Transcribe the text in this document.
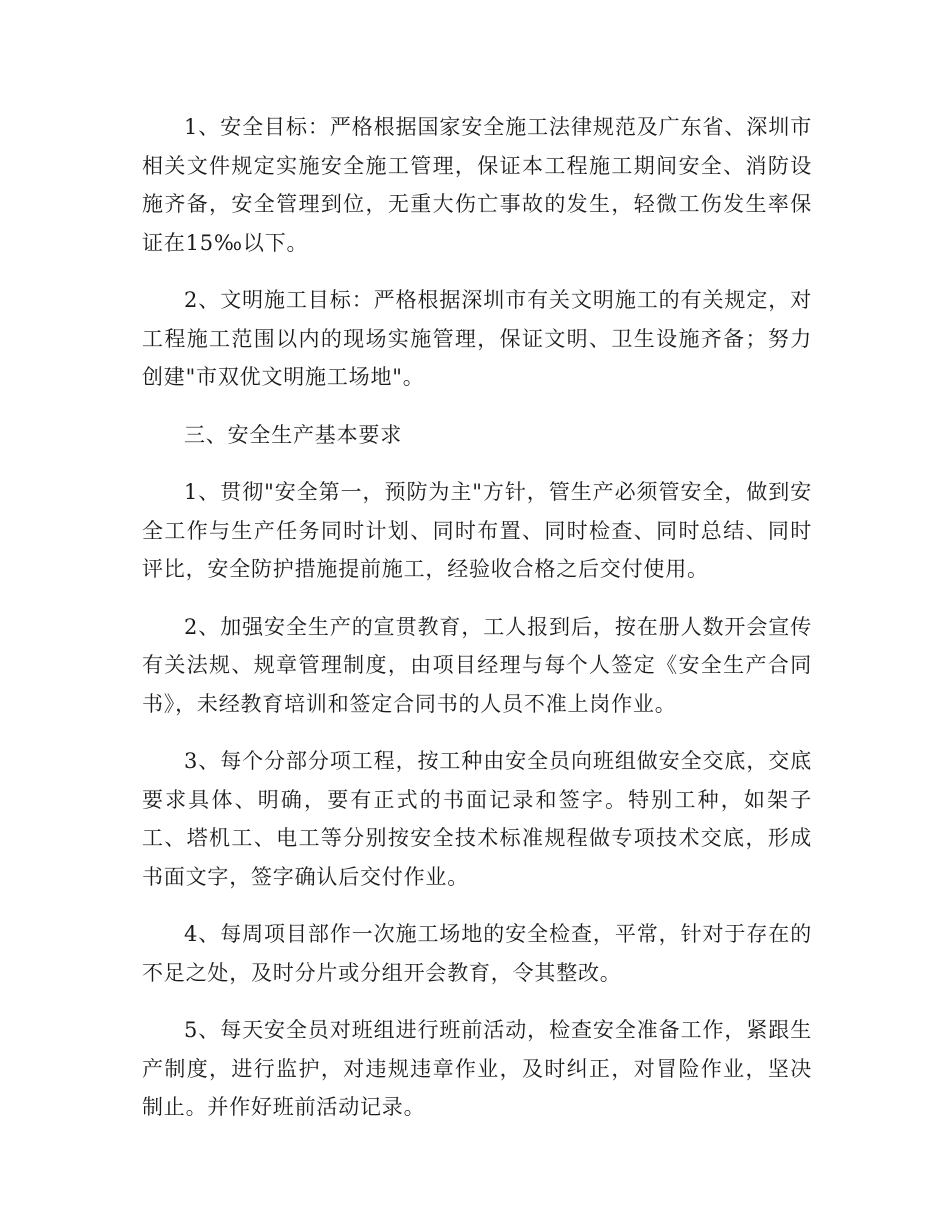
1、安全目标：严格根据国家安全施工法律规范及广东省、深圳市相关文件规定实施安全施工管理，保证本工程施工期间安全、消防设施齐备，安全管理到位，无重大伤亡事故的发生，轻微工伤发生率保证在15‰以下。

2、文明施工目标：严格根据深圳市有关文明施工的有关规定，对工程施工范围以内的现场实施管理，保证文明、卫生设施齐备；努力创建"市双优文明施工场地"。

三、安全生产基本要求

1、贯彻"安全第一，预防为主"方针，管生产必须管安全，做到安全工作与生产任务同时计划、同时布置、同时检查、同时总结、同时评比，安全防护措施提前施工，经验收合格之后交付使用。

2、加强安全生产的宣贯教育，工人报到后，按在册人数开会宣传有关法规、规章管理制度，由项目经理与每个人签定《安全生产合同书》，未经教育培训和签定合同书的人员不准上岗作业。

3、每个分部分项工程，按工种由安全员向班组做安全交底，交底要求具体、明确，要有正式的书面记录和签字。特别工种，如架子工、塔机工、电工等分别按安全技术标准规程做专项技术交底，形成书面文字，签字确认后交付作业。

4、每周项目部作一次施工场地的安全检查，平常，针对于存在的不足之处，及时分片或分组开会教育，令其整改。

5、每天安全员对班组进行班前活动，检查安全准备工作，紧跟生产制度，进行监护，对违规违章作业，及时纠正，对冒险作业，坚决制止。并作好班前活动记录。
